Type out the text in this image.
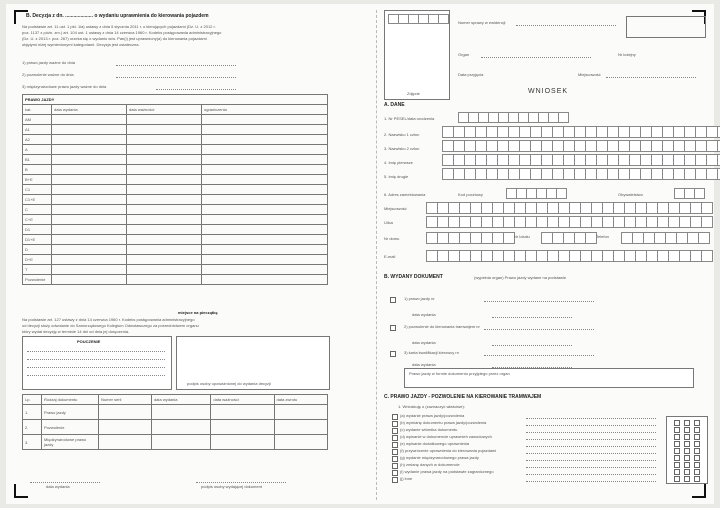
B. Decyzja z dn. .................... o wydaniu uprawnienia do kierowania pojazdem
Na podstawie art. 11 ust. 1 pkt. 1ia) ustawy z dnia 5 stycznia 2011 r. o kierujących pojazdami (Dz. U. z 2012 r.
poz. 1137 z późn. zm.) art. 104 ust. 1 ustawy z dnia 14 czerwca 1960 r. Kodeks postępowania administracyjnego
(Dz. U. z 2013 r. poz. 267) orzeka się o wydaniu w/w. Pan(i) jest uprawniony(a) do kierowania pojazdami
objętymi niżej wymienionymi kategoriami. Decyzja jest ostateczna.
1) prawo jazdy ważne do dnia
2) pozwolenie ważne do dnia
3) międzynarodowe prawo jazdy ważne do dnia
PRAWO JAZDY			
kat.	data wydania	data ważności	ograniczenia
AM			
A1			
A2			
A			
B1			
B			
B+E			
C1			
C1+E			
C			
C+E			
D1			
D1+E			
D			
D+E			
T			
Pozwolenie			
miejsce na pieczątkę
Na podstawie art. 127 ustawy z dnia 14 czerwca 1960 r. Kodeks postępowania administracyjnego
od decyzji służy odwołanie do Samorządowego Kolegium Odwoławczego za pośrednictwem organu
który wydał decyzję w terminie 14 dni od dnia jej doręczenia.
POUCZENIE
podpis osoby upoważnionej do wydania decyzji
Lp.	Rodzaj dokumentu	Numer serii	data wydania	data ważności	data zwrotu
1.	Prawo jazdy				
2.	Pozwolenie				
3.	Międzynarodowe prawo jazdy				
data wydania	podpis osoby wydającej dokument
Zdjęcie
Numer sprawy w ewidencji
Organ	Nr kolejny
Data przyjęcia	Miejscowość
WNIOSEK
A. DANE
B. WYDANY DOKUMENT	(wypełnia organ) Prawo jazdy wydane na podstawie
Prawo jazdy w formie dokumentu przyjętego przez organ
C. PRAWO JAZDY - POZWOLENIE NA KIEROWANIE TRAMWAJEM
1. Wnioskuję o (zaznaczyć właściwe):
1. Nr PESEL/data urodzenia
2. Nazwisko 1 człon
3. Nazwisko 2 człon
4. Imię pierwsze
5. Imię drugie
6. Adres zameldowania
Miejscowość
Ulica
Nr domu
E-mail
Kod pocztowy	Obywatelstwo
Nr lokalu	Telefon
1) prawo jazdy nr
data wydania
2) pozwolenie do kierowania tramwajem nr
data wydania
3) karta kwalifikacji kierowcy nr
data wydania
(a) wydanie prawa jazdy/pozwolenia
(b) wymianę dokumentu prawa jazdy/pozwolenia
(c) wydanie wtórnika dokumentu
(d) wpisanie w dokumencie uprawnień zawodowych
(e) wpisanie dodatkowego uprawnienia
(f) przywrócenie uprawnienia do kierowania pojazdami
(g) wydanie międzynarodowego prawa jazdy
(h) zmianę danych w dokumencie
(i) wydanie prawa jazdy na podstawie zagranicznego
(j) inne
